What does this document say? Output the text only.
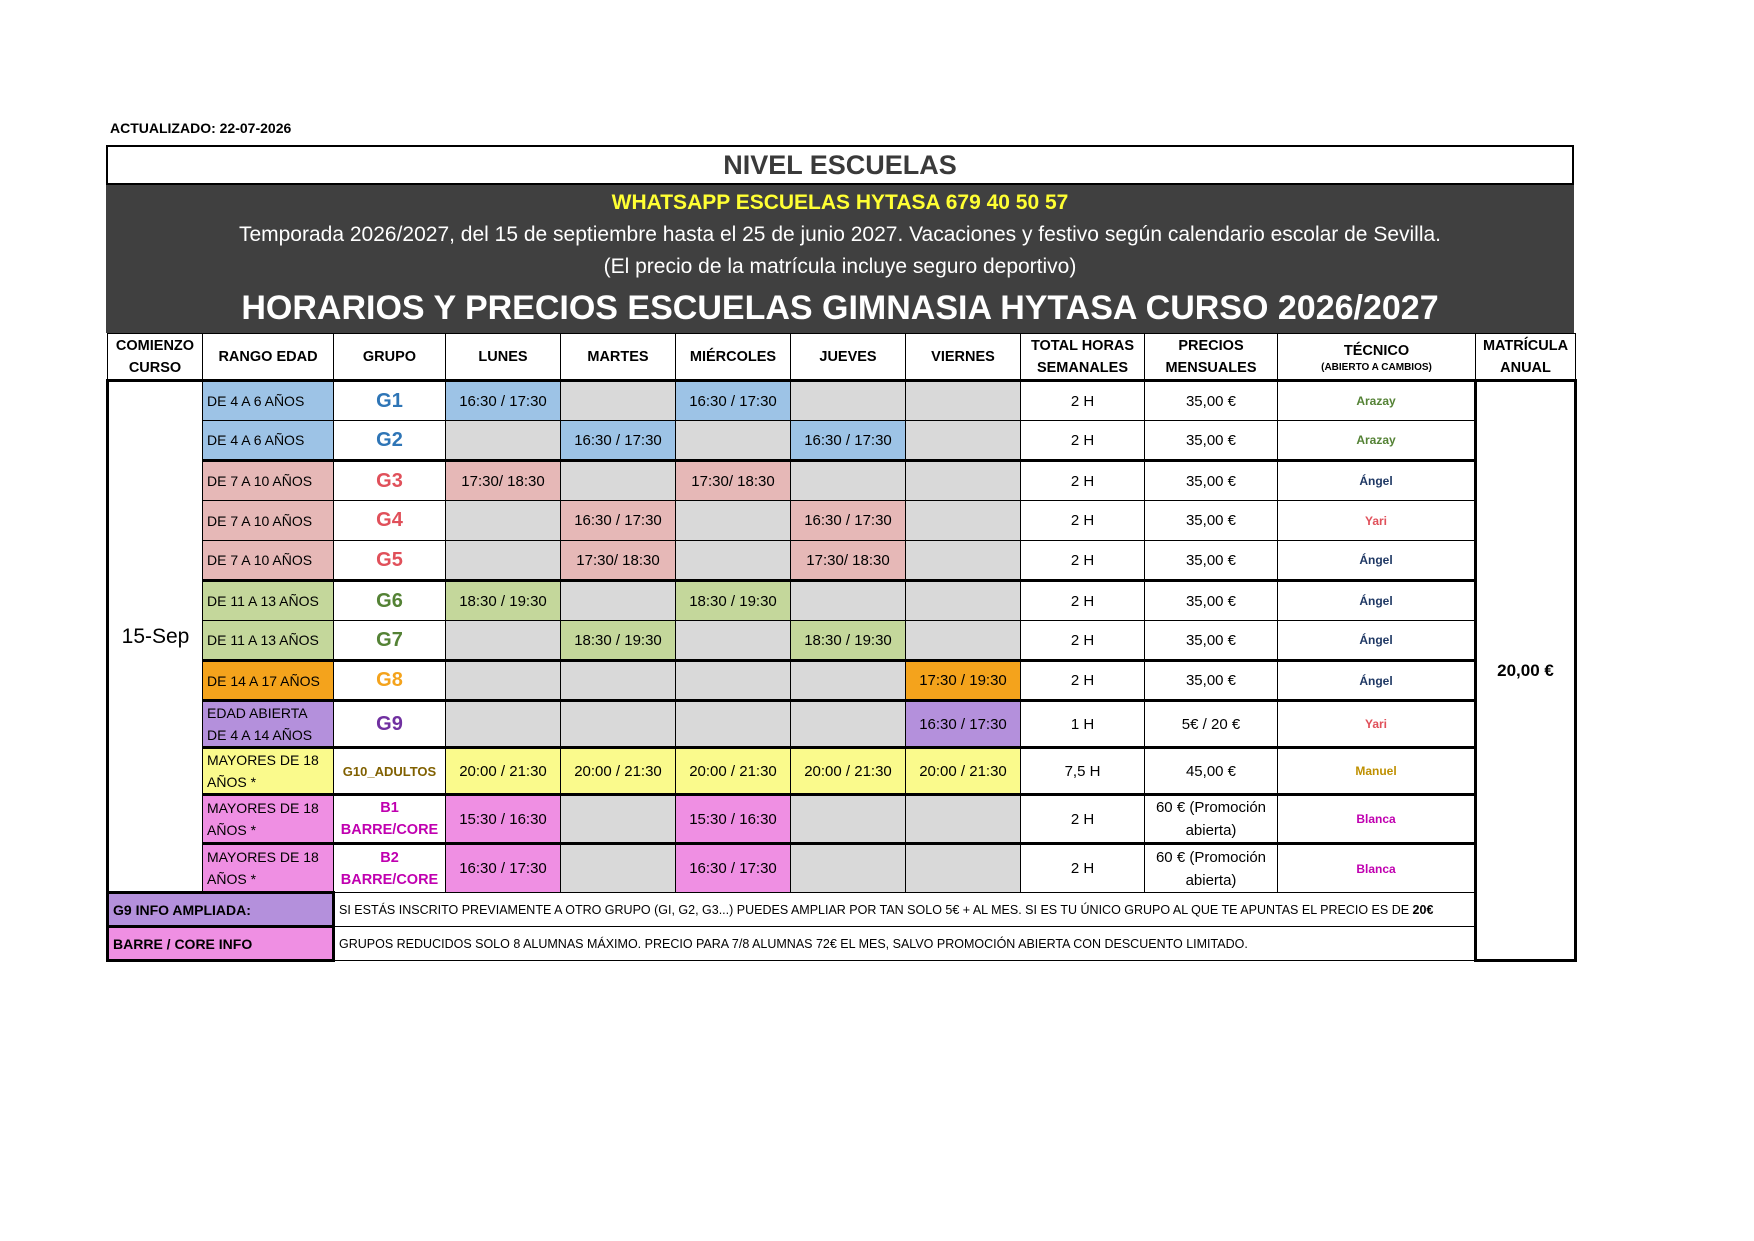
ACTUALIZADO: 22-07-2026
NIVEL ESCUELAS
WHATSAPP ESCUELAS HYTASA 679 40 50 57
Temporada 2026/2027, del 15 de septiembre hasta el 25 de junio 2027. Vacaciones y festivo según calendario escolar de Sevilla.
(El precio de la matrícula incluye seguro deportivo)
HORARIOS Y PRECIOS ESCUELAS GIMNASIA HYTASA CURSO 2026/2027
COMIENZO
CURSO	RANGO EDAD	GRUPO	LUNES	MARTES	MIÉRCOLES	JUEVES	VIERNES	TOTAL HORAS
SEMANALES	PRECIOS
MENSUALES	TÉCNICO
(ABIERTO A CAMBIOS)	MATRÍCULA
ANUAL
15-Sep	DE 4 A 6 AÑOS	G1	16:30 / 17:30		16:30 / 17:30			2 H	35,00 €	Arazay	20,00 €
	DE 4 A 6 AÑOS	G2		16:30 / 17:30		16:30 / 17:30		2 H	35,00 €	Arazay	
	DE 7 A 10 AÑOS	G3	17:30/ 18:30		17:30/ 18:30			2 H	35,00 €	Ángel	
	DE 7 A 10 AÑOS	G4		16:30 / 17:30		16:30 / 17:30		2 H	35,00 €	Yari	
	DE 7 A 10 AÑOS	G5		17:30/ 18:30		17:30/ 18:30		2 H	35,00 €	Ángel	
	DE 11 A 13 AÑOS	G6	18:30 / 19:30		18:30 / 19:30			2 H	35,00 €	Ángel	
	DE 11 A 13 AÑOS	G7		18:30 / 19:30		18:30 / 19:30		2 H	35,00 €	Ángel	
	DE 14 A 17 AÑOS	G8					17:30 / 19:30	2 H	35,00 €	Ángel	
	EDAD ABIERTA
DE 4 A 14 AÑOS	G9					16:30 / 17:30	1 H	5€ / 20 €	Yari	
	MAYORES DE 18
AÑOS *	G10_ADULTOS	20:00 / 21:30	20:00 / 21:30	20:00 / 21:30	20:00 / 21:30	20:00 / 21:30	7,5 H	45,00 €	Manuel	
	MAYORES DE 18
AÑOS *	B1
BARRE/CORE	15:30 / 16:30		15:30 / 16:30			2 H	60 € (Promoción
abierta)	Blanca	
	MAYORES DE 18
AÑOS *	B2
BARRE/CORE	16:30 / 17:30		16:30 / 17:30			2 H	60 € (Promoción
abierta)	Blanca	
G9 INFO AMPLIADA:		SI ESTÁS INSCRITO PREVIAMENTE A OTRO GRUPO (GI, G2, G3...) PUEDES AMPLIAR POR TAN SOLO 5€ + AL MES. SI ES TU ÚNICO GRUPO AL QUE TE APUNTAS EL PRECIO ES DE 20€									
BARRE / CORE INFO		GRUPOS REDUCIDOS SOLO 8 ALUMNAS MÁXIMO. PRECIO PARA 7/8 ALUMNAS 72€ EL MES, SALVO PROMOCIÓN ABIERTA CON DESCUENTO LIMITADO.									
